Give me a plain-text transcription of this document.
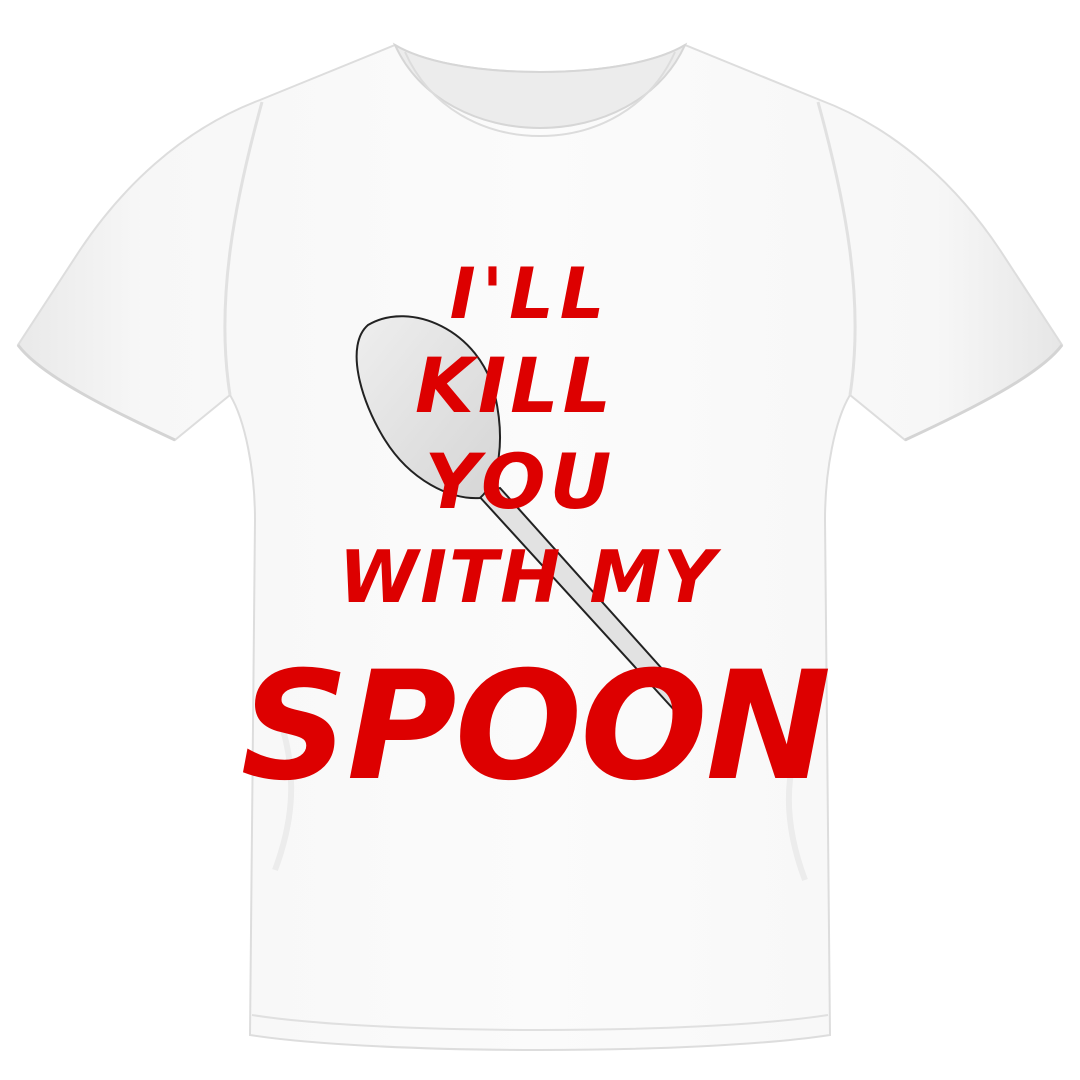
I'LL
KILL
YOU
WITH MY
SPOON
